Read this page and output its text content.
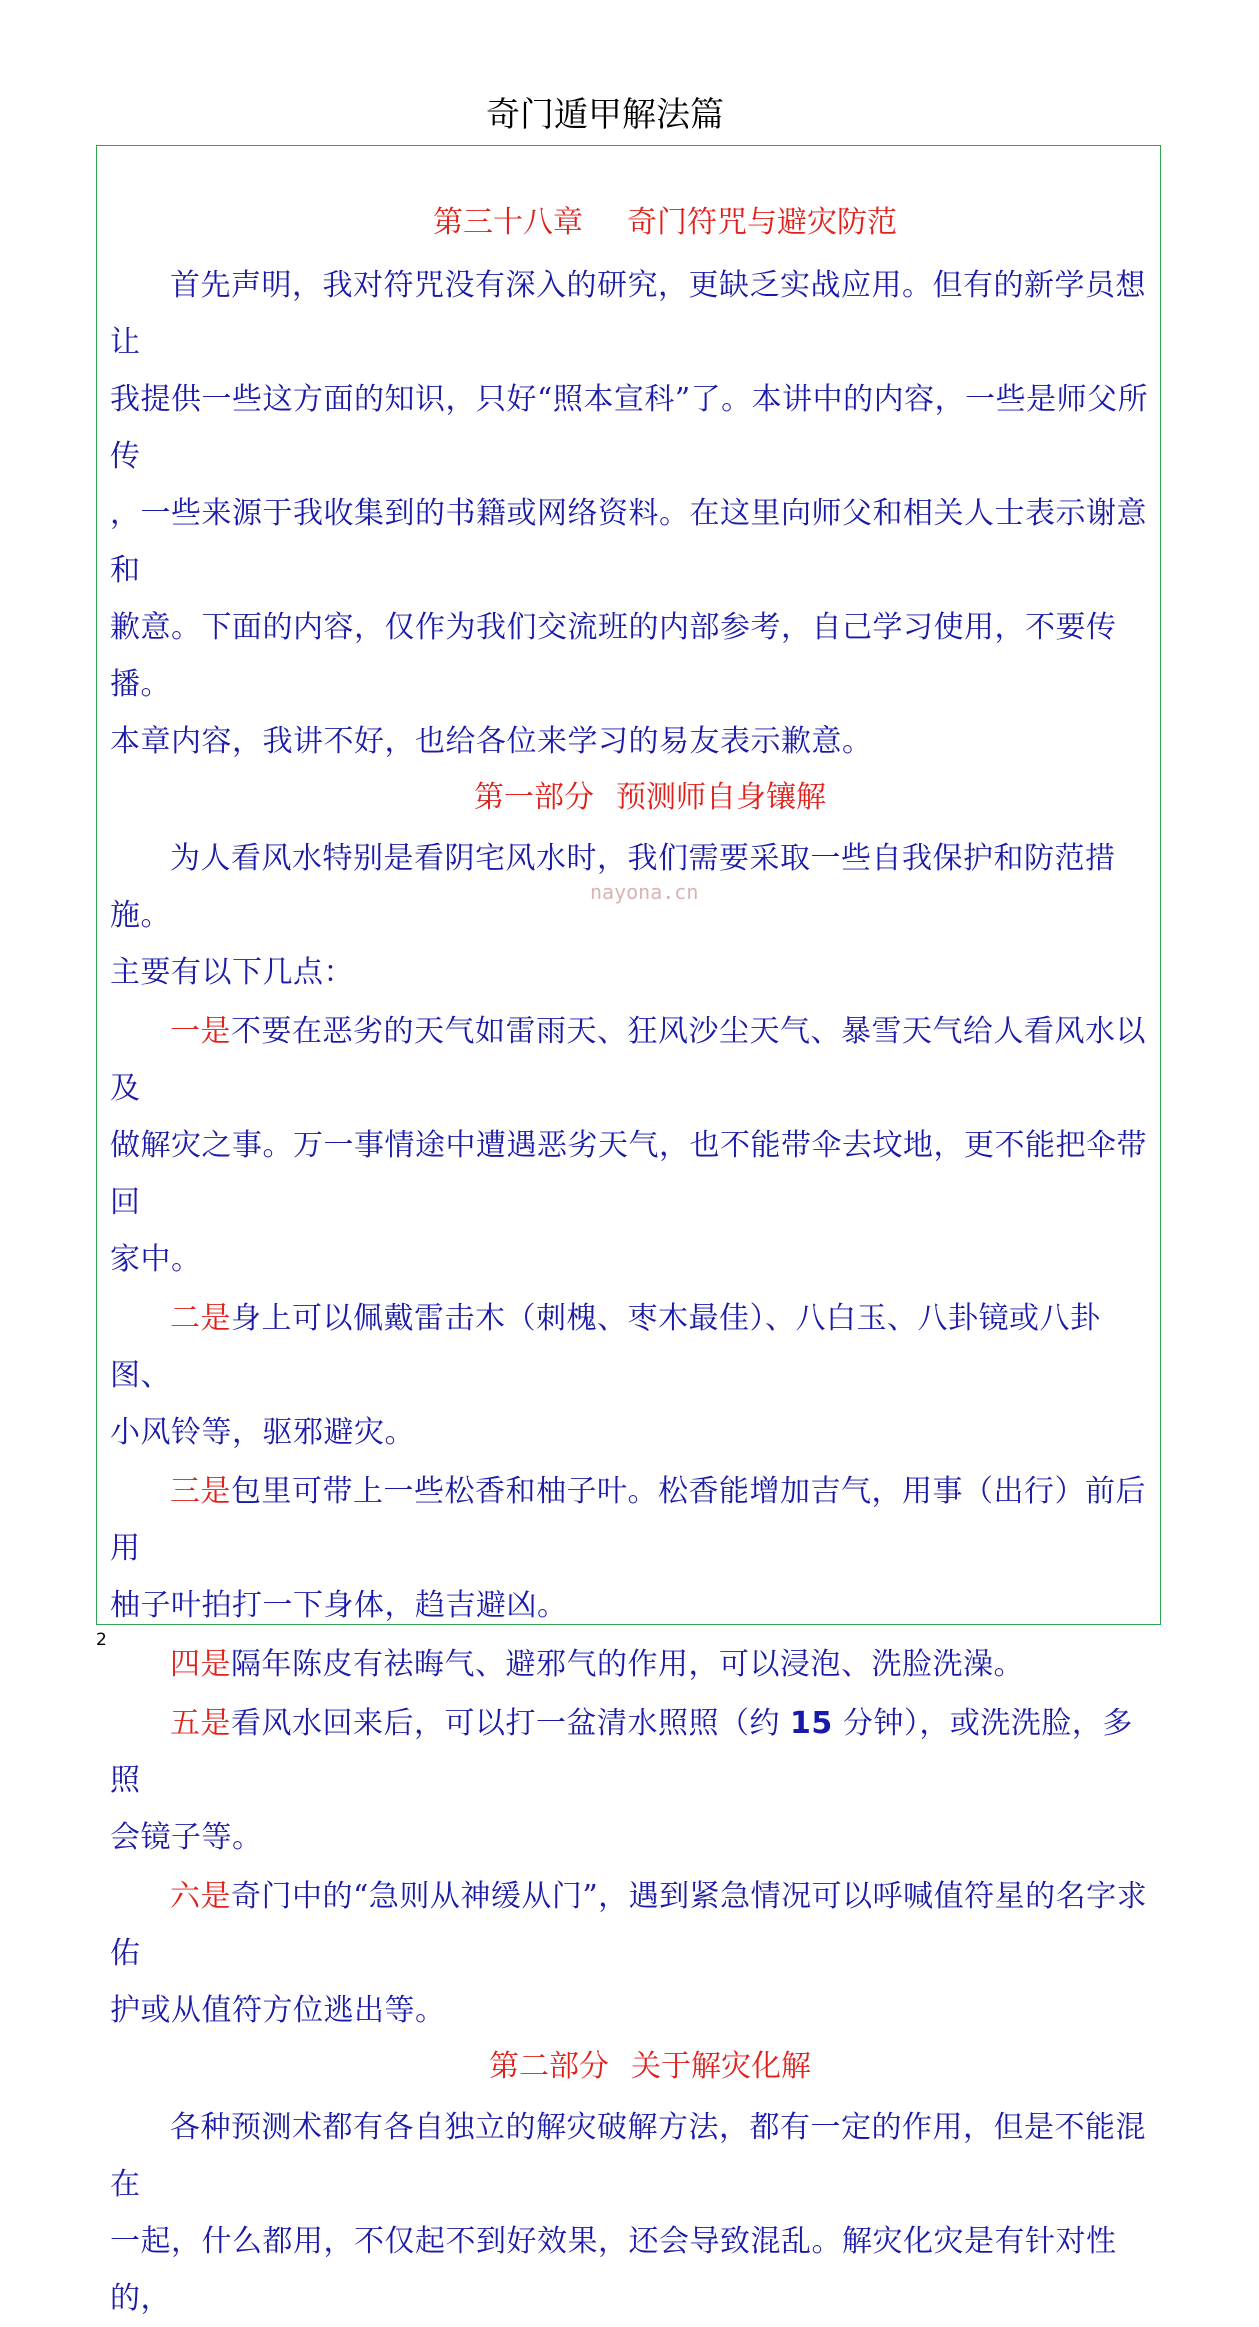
奇门遁甲解法篇
第三十八章 奇门符咒与避灾防范

首先声明，我对符咒没有深入的研究，更缺乏实战应用。但有的新学员想让
我提供一些这方面的知识，只好“照本宣科”了。本讲中的内容，一些是师父所传
，一些来源于我收集到的书籍或网络资料。在这里向师父和相关人士表示谢意和
歉意。下面的内容，仅作为我们交流班的内部参考，自己学习使用，不要传播。
本章内容，我讲不好，也给各位来学习的易友表示歉意。

第一部分 预测师自身镶解

为人看风水特别是看阴宅风水时，我们需要采取一些自我保护和防范措施。
主要有以下几点：

一是不要在恶劣的天气如雷雨天、狂风沙尘天气、暴雪天气给人看风水以及
做解灾之事。万一事情途中遭遇恶劣天气，也不能带伞去坟地，更不能把伞带回
家中。

二是身上可以佩戴雷击木（刺槐、枣木最佳）、八白玉、八卦镜或八卦图、
小风铃等，驱邪避灾。

三是包里可带上一些松香和柚子叶。松香能增加吉气，用事（出行）前后用
柚子叶拍打一下身体，趋吉避凶。

四是隔年陈皮有祛晦气、避邪气的作用，可以浸泡、洗脸洗澡。

五是看风水回来后，可以打一盆清水照照（约 15 分钟），或洗洗脸，多照
会镜子等。

六是奇门中的“急则从神缓从门”，遇到紧急情况可以呼喊值符星的名字求佑
护或从值符方位逃出等。

第二部分 关于解灾化解

各种预测术都有各自独立的解灾破解方法，都有一定的作用，但是不能混在
一起，什么都用，不仅起不到好效果，还会导致混乱。解灾化灾是有针对性的，

nayona.cn
2
